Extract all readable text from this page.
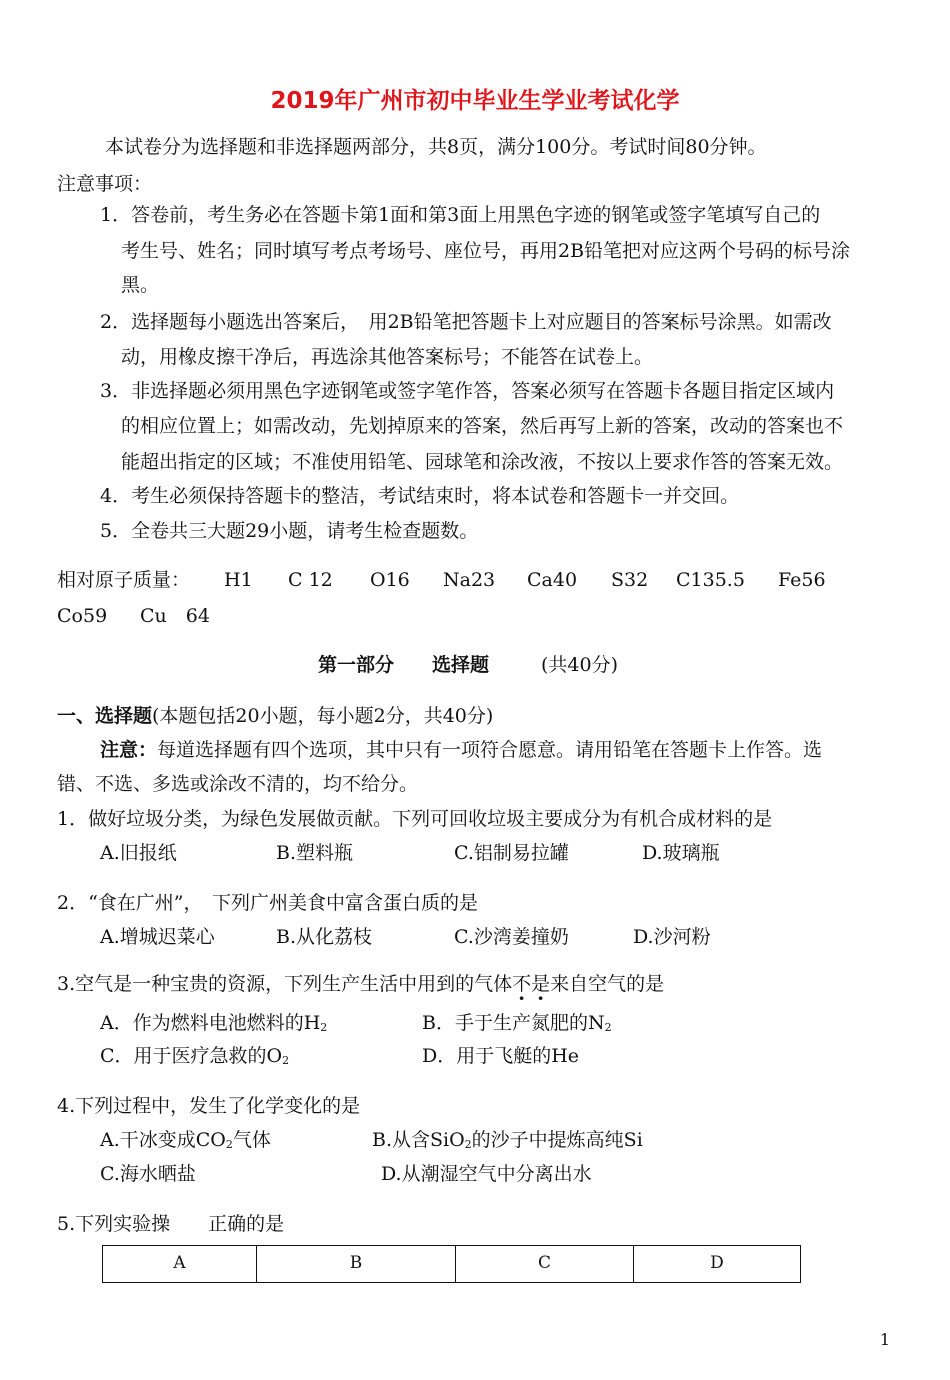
2019年广州市初中毕业生学业考试化学
本试卷分为选择题和非选择题两部分，共8页，满分100分。考试时间80分钟。
注意事项：
1．答卷前，考生务必在答题卡第1面和第3面上用黑色字迹的钢笔或签字笔填写自己的
考生号、姓名；同时填写考点考场号、座位号，再用2B铅笔把对应这两个号码的标号涂
黑。
2．选择题每小题选出答案后，　用2B铅笔把答题卡上对应题目的答案标号涂黑。如需改
动，用橡皮擦干净后，再选涂其他答案标号；不能答在试卷上。
3．非选择题必须用黑色字迹钢笔或签字笔作答，答案必须写在答题卡各题目指定区域内
的相应位置上；如需改动，先划掉原来的答案，然后再写上新的答案，改动的答案也不
能超出指定的区域；不准使用铅笔、园球笔和涂改液，不按以上要求作答的答案无效。
4．考生必须保持答题卡的整洁，考试结束时，将本试卷和答题卡一并交回。
5．全卷共三大题29小题，请考生检查题数。
相对原子质量： H1 C 12 O16 Na23 Ca40 S32 C135.5 Fe56
Co59 Cu　64
第一部分　　选择题	(共40分)
一、选择题(本题包括20小题，每小题2分，共40分)
注意：每道选择题有四个选项，其中只有一项符合愿意。请用铅笔在答题卡上作答。选
错、不选、多选或涂改不清的，均不给分。
1．做好垃圾分类，为绿色发展做贡献。下列可回收垃圾主要成分为有机合成材料的是
A.旧报纸	B.塑料瓶	C.铝制易拉罐	D.玻璃瓶
2．“食在广州”，　下列广州美食中富含蛋白质的是
A.增城迟菜心	B.从化荔枝	C.沙湾姜撞奶	D.沙河粉
3.空气是一种宝贵的资源，下列生产生活中用到的气体不是来自空气的是
A．作为燃料电池燃料的$H_2$	B．手于生产氮肥的$N_2$
C．用于医疗急救的$O_2$	D．用于飞艇的He
4.下列过程中，发生了化学变化的是
A.干冰变成$CO_2$气体	B.从含SiO$_2$的沙子中提炼高纯Si
C.海水晒盐	D.从潮湿空气中分离出水
5.下列实验操　　正确的是
A	B	C	D
1
